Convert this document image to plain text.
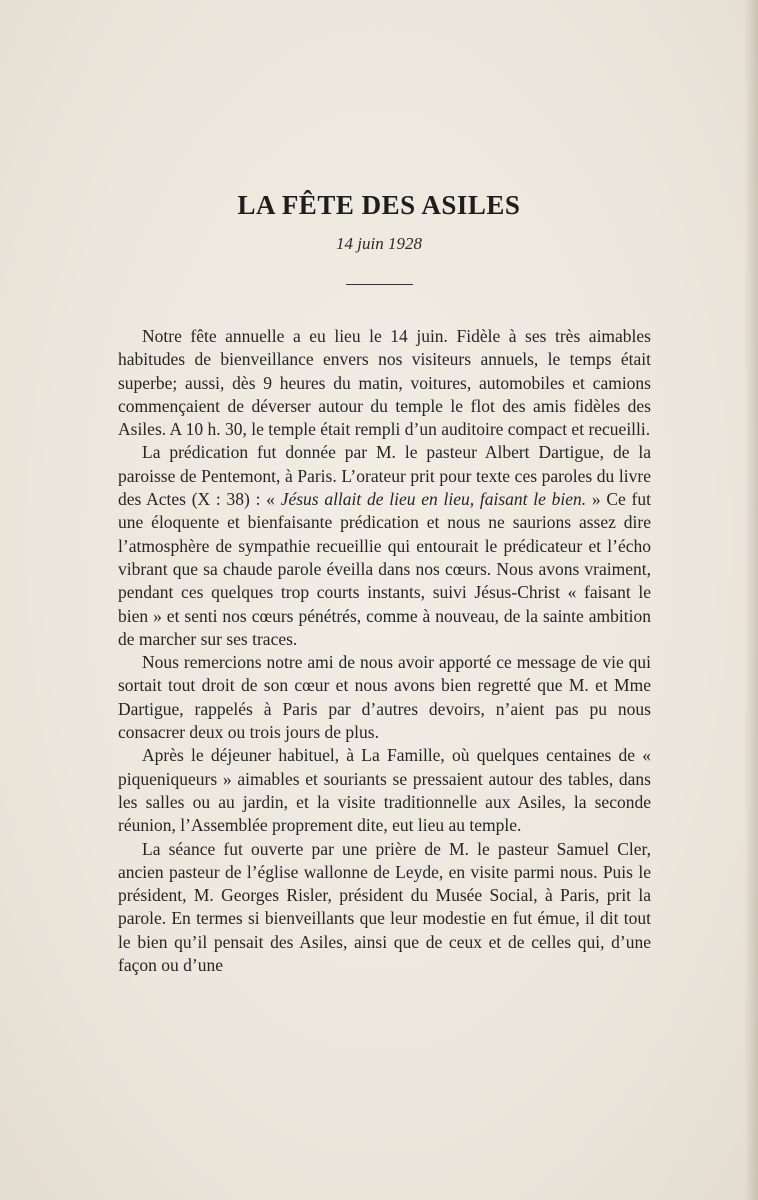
LA FÊTE DES ASILES
14 juin 1928

Notre fête annuelle a eu lieu le 14 juin. Fidèle à ses très aimables habitudes de bienveillance envers nos visiteurs annuels, le temps était superbe; aussi, dès 9 heures du matin, voitures, automobiles et camions commençaient de déverser autour du temple le flot des amis fidèles des Asiles. A 10 h. 30, le temple était rempli d’un auditoire compact et recueilli.

La prédication fut donnée par M. le pasteur Albert Dartigue, de la paroisse de Pentemont, à Paris. L’orateur prit pour texte ces paroles du livre des Actes (X : 38) : « Jésus allait de lieu en lieu, faisant le bien. » Ce fut une éloquente et bienfaisante prédication et nous ne saurions assez dire l’atmosphère de sympathie recueillie qui entourait le prédicateur et l’écho vibrant que sa chaude parole éveilla dans nos cœurs. Nous avons vraiment, pendant ces quelques trop courts instants, suivi Jésus-Christ « faisant le bien » et senti nos cœurs pénétrés, comme à nouveau, de la sainte ambition de marcher sur ses traces.

Nous remercions notre ami de nous avoir apporté ce message de vie qui sortait tout droit de son cœur et nous avons bien regretté que M. et Mme Dartigue, rappelés à Paris par d’autres devoirs, n’aient pas pu nous consacrer deux ou trois jours de plus.

Après le déjeuner habituel, à La Famille, où quelques centaines de « piqueniqueurs » aimables et souriants se pressaient autour des tables, dans les salles ou au jardin, et la visite traditionnelle aux Asiles, la seconde réunion, l’Assemblée proprement dite, eut lieu au temple.

La séance fut ouverte par une prière de M. le pasteur Samuel Cler, ancien pasteur de l’église wallonne de Leyde, en visite parmi nous. Puis le président, M. Georges Risler, président du Musée Social, à Paris, prit la parole. En termes si bienveillants que leur modestie en fut émue, il dit tout le bien qu’il pensait des Asiles, ainsi que de ceux et de celles qui, d’une façon ou d’une
